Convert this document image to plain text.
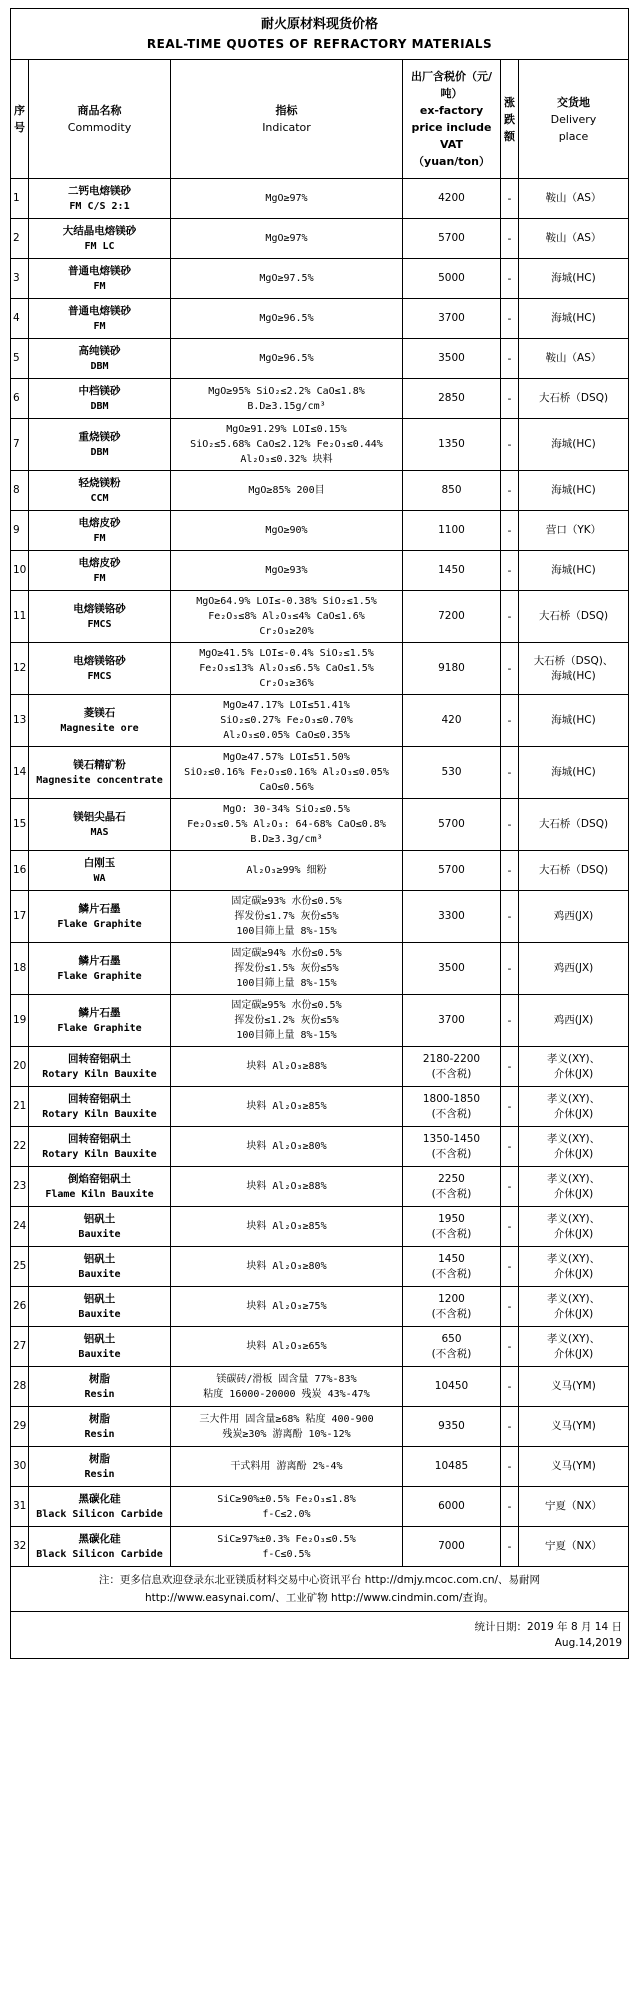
耐火原材料现货价格
REAL-TIME QUOTES OF REFRACTORY MATERIALS					

序号	商品名称
Commodity	指标
Indicator	出厂含税价（元/
吨）
ex-factory
price include
VAT（yuan/ton）	涨跌额	交货地
Delivery
place

1	二钙电熔镁砂
FM C/S 2:1	MgO≥97%	4200	-	鞍山（AS）

2	大结晶电熔镁砂
FM LC	MgO≥97%	5700	-	鞍山（AS）

3	普通电熔镁砂
FM	MgO≥97.5%	5000	-	海城(HC)

4	普通电熔镁砂
FM	MgO≥96.5%	3700	-	海城(HC)

5	高纯镁砂
DBM	MgO≥96.5%	3500	-	鞍山（AS）

6	中档镁砂
DBM	MgO≥95% SiO₂≤2.2% CaO≤1.8%
B.D≥3.15g/cm³	2850	-	大石桥（DSQ)

7	重烧镁砂
DBM	MgO≥91.29% LOI≤0.15%
SiO₂≤5.68% CaO≤2.12% Fe₂O₃≤0.44%
Al₂O₃≤0.32% 块料	1350	-	海城(HC)

8	轻烧镁粉
CCM	MgO≥85% 200目	850	-	海城(HC)

9	电熔皮砂
FM	MgO≥90%	1100	-	营口（YK）

10	电熔皮砂
FM	MgO≥93%	1450	-	海城(HC)

11	电熔镁铬砂
FMCS	MgO≥64.9% LOI≤-0.38% SiO₂≤1.5%
Fe₂O₃≤8% Al₂O₃≤4% CaO≤1.6%
Cr₂O₃≥20%	7200	-	大石桥（DSQ)

12	电熔镁铬砂
FMCS	MgO≥41.5% LOI≤-0.4% SiO₂≤1.5%
Fe₂O₃≤13% Al₂O₃≤6.5% CaO≤1.5%
Cr₂O₃≥36%	9180	-	大石桥（DSQ)、
海城(HC)

13	菱镁石
Magnesite ore	MgO≥47.17% LOI≤51.41%
SiO₂≤0.27% Fe₂O₃≤0.70%
Al₂O₃≤0.05% CaO≤0.35%	420	-	海城(HC)

14	镁石精矿粉
Magnesite concentrate	MgO≥47.57% LOI≤51.50%
SiO₂≤0.16% Fe₂O₃≤0.16% Al₂O₃≤0.05%
CaO≤0.56%	530	-	海城(HC)

15	镁铝尖晶石
MAS	MgO: 30-34% SiO₂≤0.5%
Fe₂O₃≤0.5% Al₂O₃: 64-68% CaO≤0.8%
B.D≥3.3g/cm³	5700	-	大石桥（DSQ)

16	白刚玉
WA	Al₂O₃≥99% 细粉	5700	-	大石桥（DSQ)

17	鳞片石墨
Flake Graphite	固定碳≥93% 水份≤0.5%
挥发份≤1.7% 灰份≤5%
100目筛上量 8%-15%	3300	-	鸡西(JX)

18	鳞片石墨
Flake Graphite	固定碳≥94% 水份≤0.5%
挥发份≤1.5% 灰份≤5%
100目筛上量 8%-15%	3500	-	鸡西(JX)

19	鳞片石墨
Flake Graphite	固定碳≥95% 水份≤0.5%
挥发份≤1.2% 灰份≤5%
100目筛上量 8%-15%	3700	-	鸡西(JX)

20	回转窑铝矾土
Rotary Kiln Bauxite	块料 Al₂O₃≥88%	2180-2200
(不含税)	-	孝义(XY)、
介休(JX)

21	回转窑铝矾土
Rotary Kiln Bauxite	块料 Al₂O₃≥85%	1800-1850
(不含税)	-	孝义(XY)、
介休(JX)

22	回转窑铝矾土
Rotary Kiln Bauxite	块料 Al₂O₃≥80%	1350-1450
(不含税)	-	孝义(XY)、
介休(JX)

23	倒焰窑铝矾土
Flame Kiln Bauxite	块料 Al₂O₃≥88%	2250
(不含税)	-	孝义(XY)、
介休(JX)

24	铝矾土
Bauxite	块料 Al₂O₃≥85%	1950
(不含税)	-	孝义(XY)、
介休(JX)

25	铝矾土
Bauxite	块料 Al₂O₃≥80%	1450
(不含税)	-	孝义(XY)、
介休(JX)

26	铝矾土
Bauxite	块料 Al₂O₃≥75%	1200
(不含税)	-	孝义(XY)、
介休(JX)

27	铝矾土
Bauxite	块料 Al₂O₃≥65%	650
(不含税)	-	孝义(XY)、
介休(JX)

28	树脂
Resin	镁碳砖/滑板 固含量 77%-83%
粘度 16000-20000 残炭 43%-47%	10450	-	义马(YM)

29	树脂
Resin	三大件用 固含量≥68% 粘度 400-900
残炭≥30% 游离酚 10%-12%	9350	-	义马(YM)

30	树脂
Resin	干式料用 游离酚 2%-4%	10485	-	义马(YM)

31	黑碳化硅
Black Silicon Carbide	SiC≥90%±0.5% Fe₂O₃≤1.8%
f-C≤2.0%	6000	-	宁夏（NX）

32	黑碳化硅
Black Silicon Carbide	SiC≥97%±0.3% Fe₂O₃≤0.5%
f-C≤0.5%	7000	-	宁夏（NX）

注：更多信息欢迎登录东北亚镁质材料交易中心资讯平台 http://dmjy.mcoc.com.cn/、易耐网
http://www.easynai.com/、工业矿物 http://www.cindmin.com/查询。					

统计日期：2019 年 8 月 14 日
Aug.14,2019					
